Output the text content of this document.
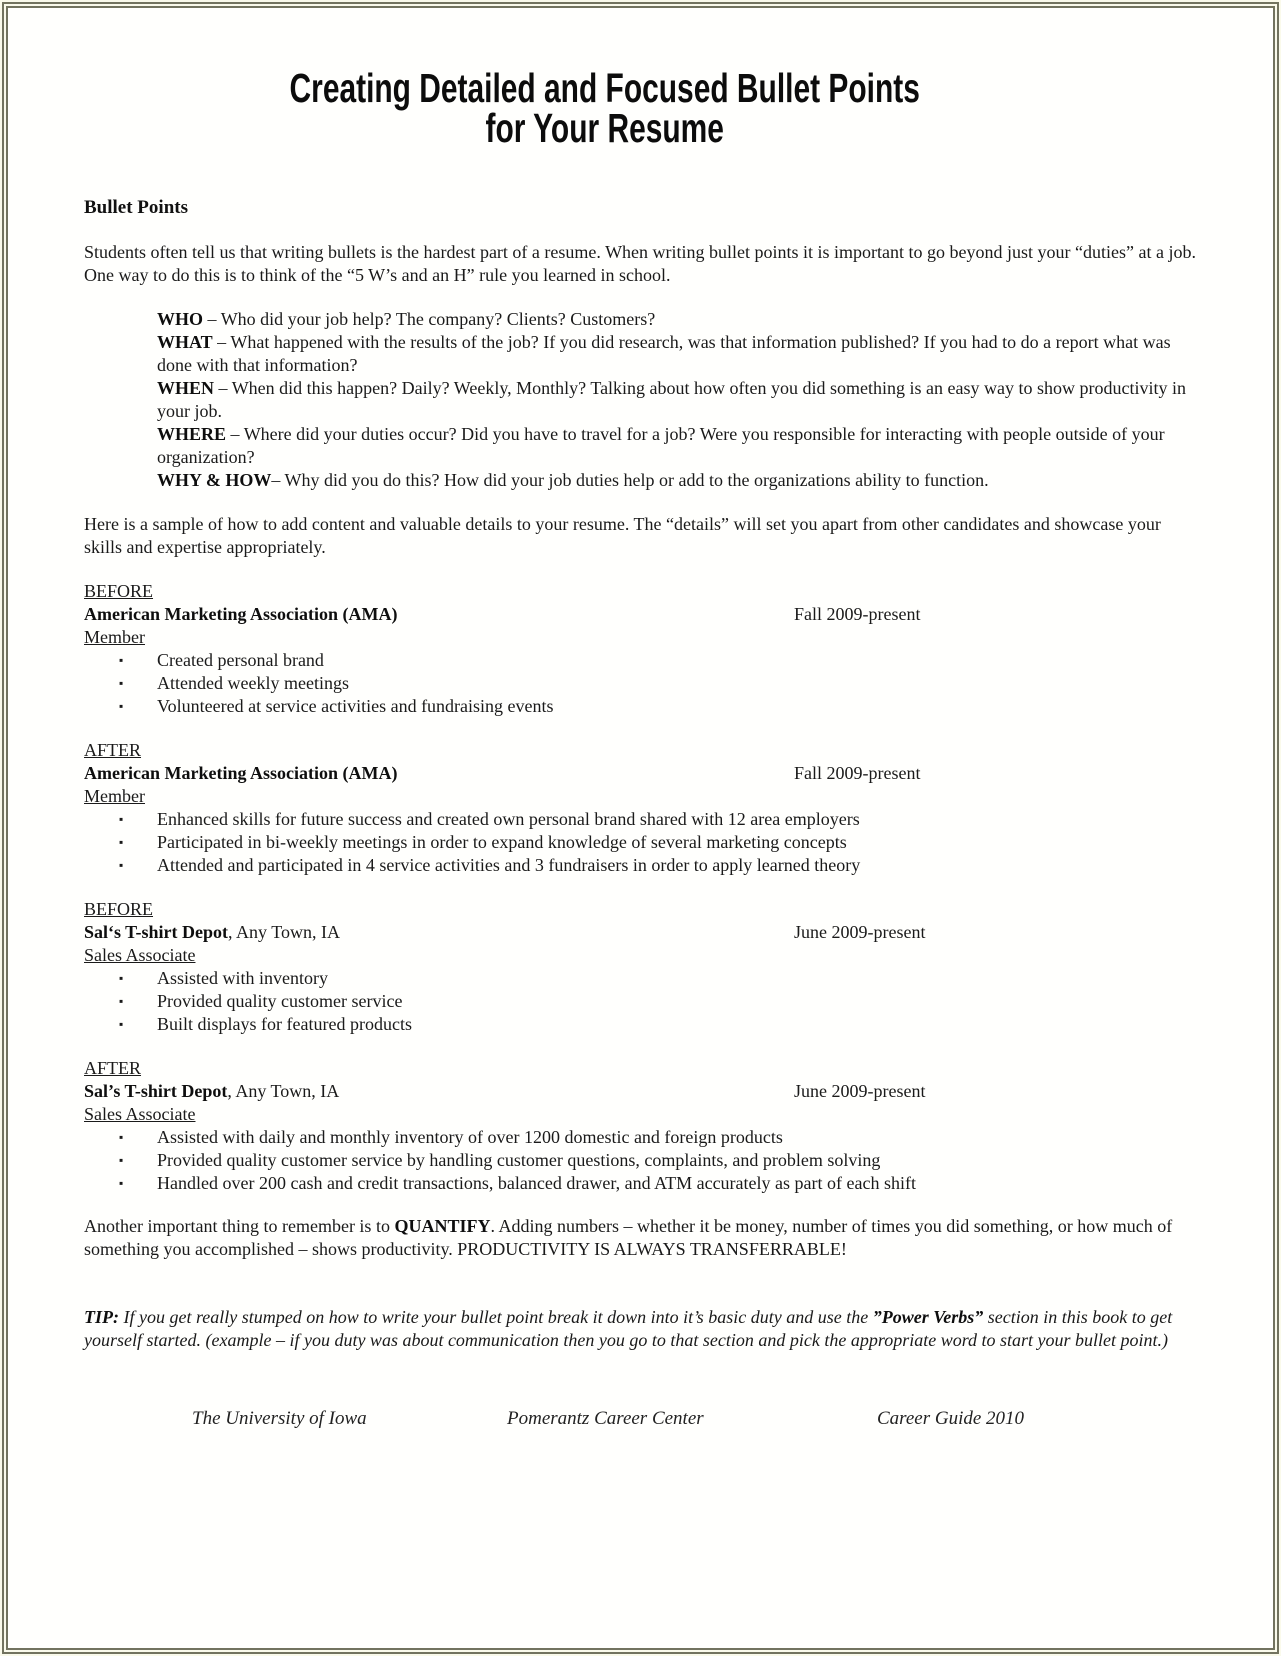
Creating Detailed and Focused Bullet Points
for Your Resume

Bullet Points

Students often tell us that writing bullets is the hardest part of a resume. When writing bullet points it is important to go beyond just your “duties” at a job. One way to do this is to think of the “5 W’s and an H” rule you learned in school.

WHO – Who did your job help? The company? Clients? Customers?
WHAT – What happened with the results of the job? If you did research, was that information published? If you had to do a report what was done with that information?
WHEN – When did this happen? Daily? Weekly, Monthly? Talking about how often you did something is an easy way to show productivity in your job.
WHERE – Where did your duties occur? Did you have to travel for a job? Were you responsible for interacting with people outside of your organization?
WHY & HOW– Why did you do this? How did your job duties help or add to the organizations ability to function.

Here is a sample of how to add content and valuable details to your resume. The “details” will set you apart from other candidates and showcase your skills and expertise appropriately.

BEFORE
American Marketing Association (AMA)	Fall 2009-present
Member
▪	Created personal brand
▪	Attended weekly meetings
▪	Volunteered at service activities and fundraising events
AFTER
American Marketing Association (AMA)	Fall 2009-present
Member
▪	Enhanced skills for future success and created own personal brand shared with 12 area employers
▪	Participated in bi-weekly meetings in order to expand knowledge of several marketing concepts
▪	Attended and participated in 4 service activities and 3 fundraisers in order to apply learned theory
BEFORE
Sal‘s T-shirt Depot, Any Town, IA	June 2009-present
Sales Associate
▪	Assisted with inventory
▪	Provided quality customer service
▪	Built displays for featured products
AFTER
Sal’s T-shirt Depot, Any Town, IA	June 2009-present
Sales Associate
▪	Assisted with daily and monthly inventory of over 1200 domestic and foreign products
▪	Provided quality customer service by handling customer questions, complaints, and problem solving
▪	Handled over 200 cash and credit transactions, balanced drawer, and ATM accurately as part of each shift

Another important thing to remember is to QUANTIFY. Adding numbers – whether it be money, number of times you did something, or how much of something you accomplished – shows productivity. PRODUCTIVITY IS ALWAYS TRANSFERRABLE!

TIP: If you get really stumped on how to write your bullet point break it down into it’s basic duty and use the ”Power Verbs” section in this book to get yourself started. (example – if you duty was about communication then you go to that section and pick the appropriate word to start your bullet point.)

The University of Iowa	Pomerantz Career Center	Career Guide 2010
